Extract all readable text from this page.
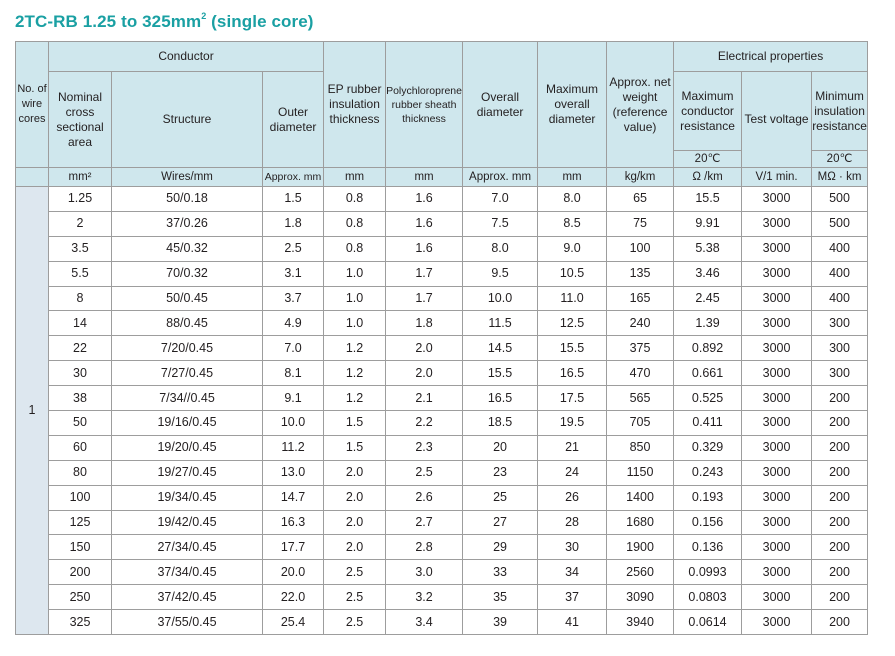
2TC-RB 1.25 to $325mm^2$ (single core)
No. of wire cores	Conductor			EP rubber insulation thickness	Polychloroprene rubber sheath thickness	Overall diameter	Maximum overall diameter	Approx. net weight (reference value)	Electrical properties		
	Nominal cross sectional area	Structure	Outer diameter						Maximum conductor resistance	Test voltage	Minimum insulation resistance
									20℃		20℃
	mm²	Wires/mm	Approx. mm	mm	mm	Approx. mm	mm	kg/km	Ω /km	V/1 min.	MΩ · km
1	1.25	50/0.18	1.5	0.8	1.6	7.0	8.0	65	15.5	3000	500
	2	37/0.26	1.8	0.8	1.6	7.5	8.5	75	9.91	3000	500
	3.5	45/0.32	2.5	0.8	1.6	8.0	9.0	100	5.38	3000	400
	5.5	70/0.32	3.1	1.0	1.7	9.5	10.5	135	3.46	3000	400
	8	50/0.45	3.7	1.0	1.7	10.0	11.0	165	2.45	3000	400
	14	88/0.45	4.9	1.0	1.8	11.5	12.5	240	1.39	3000	300
	22	7/20/0.45	7.0	1.2	2.0	14.5	15.5	375	0.892	3000	300
	30	7/27/0.45	8.1	1.2	2.0	15.5	16.5	470	0.661	3000	300
	38	7/34//0.45	9.1	1.2	2.1	16.5	17.5	565	0.525	3000	200
	50	19/16/0.45	10.0	1.5	2.2	18.5	19.5	705	0.411	3000	200
	60	19/20/0.45	11.2	1.5	2.3	20	21	850	0.329	3000	200
	80	19/27/0.45	13.0	2.0	2.5	23	24	1150	0.243	3000	200
	100	19/34/0.45	14.7	2.0	2.6	25	26	1400	0.193	3000	200
	125	19/42/0.45	16.3	2.0	2.7	27	28	1680	0.156	3000	200
	150	27/34/0.45	17.7	2.0	2.8	29	30	1900	0.136	3000	200
	200	37/34/0.45	20.0	2.5	3.0	33	34	2560	0.0993	3000	200
	250	37/42/0.45	22.0	2.5	3.2	35	37	3090	0.0803	3000	200
	325	37/55/0.45	25.4	2.5	3.4	39	41	3940	0.0614	3000	200
